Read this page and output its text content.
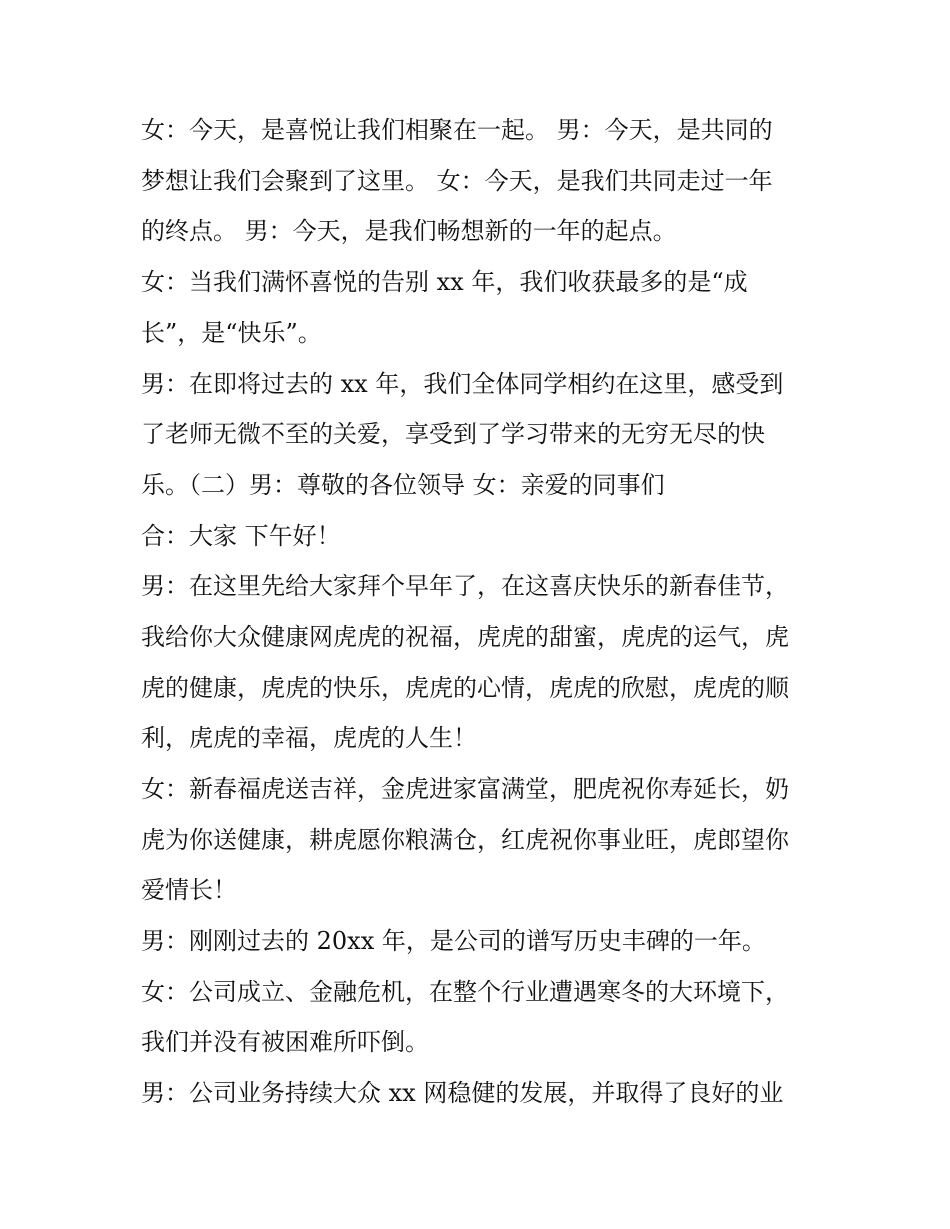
女：今天，是喜悦让我们相聚在一起。 男：今天，是共同的
梦想让我们会聚到了这里。 女：今天，是我们共同走过一年
的终点。 男：今天，是我们畅想新的一年的起点。
女：当我们满怀喜悦的告别 xx 年，我们收获最多的是“成
长”，是“快乐”。
男：在即将过去的 xx 年，我们全体同学相约在这里，感受到
了老师无微不至的关爱，享受到了学习带来的无穷无尽的快
乐。（二）男：尊敬的各位领导 女：亲爱的同事们
合：大家 下午好！
男：在这里先给大家拜个早年了，在这喜庆快乐的新春佳节，
我给你大众健康网虎虎的祝福，虎虎的甜蜜，虎虎的运气，虎
虎的健康，虎虎的快乐，虎虎的心情，虎虎的欣慰，虎虎的顺
利，虎虎的幸福，虎虎的人生！
女：新春福虎送吉祥，金虎进家富满堂，肥虎祝你寿延长，奶
虎为你送健康，耕虎愿你粮满仓，红虎祝你事业旺，虎郎望你
爱情长！
男：刚刚过去的 20xx 年，是公司的谱写历史丰碑的一年。
女：公司成立、金融危机，在整个行业遭遇寒冬的大环境下，
我们并没有被困难所吓倒。
男：公司业务持续大众 xx 网稳健的发展，并取得了良好的业
